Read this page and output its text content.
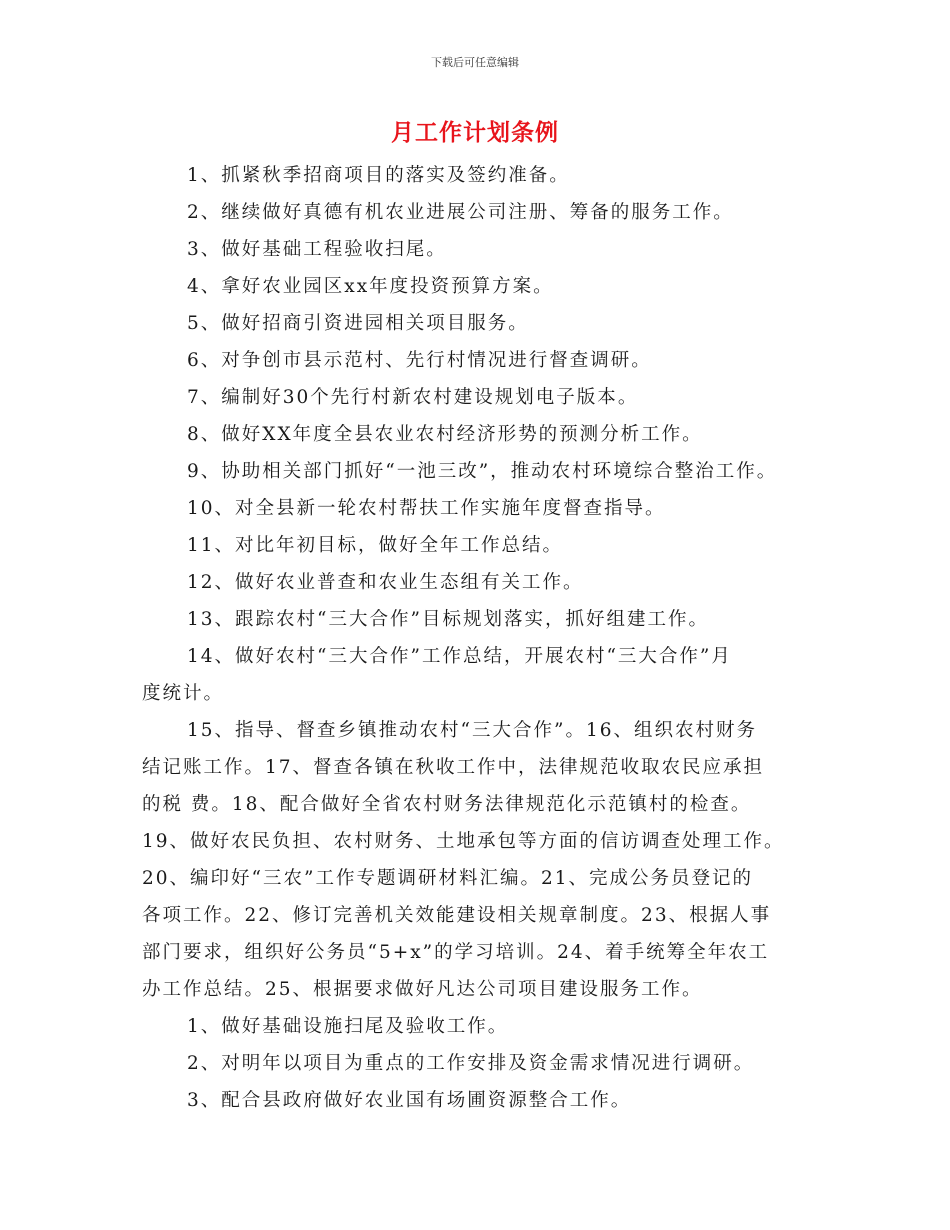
下载后可任意编辑
月工作计划条例

1、抓紧秋季招商项目的落实及签约准备。

2、继续做好真德有机农业进展公司注册、筹备的服务工作。

3、做好基础工程验收扫尾。

4、拿好农业园区xx年度投资预算方案。

5、做好招商引资进园相关项目服务。

6、对争创市县示范村、先行村情况进行督查调研。

7、编制好30个先行村新农村建设规划电子版本。

8、做好XX年度全县农业农村经济形势的预测分析工作。

9、协助相关部门抓好“一池三改”，推动农村环境综合整治工作。

10、对全县新一轮农村帮扶工作实施年度督查指导。

11、对比年初目标，做好全年工作总结。

12、做好农业普查和农业生态组有关工作。

13、跟踪农村“三大合作”目标规划落实，抓好组建工作。

14、做好农村“三大合作”工作总结，开展农村“三大合作”月

度统计。

15、指导、督查乡镇推动农村“三大合作”。16、组织农村财务

结记账工作。17、督查各镇在秋收工作中，法律规范收取农民应承担

的税 费。18、配合做好全省农村财务法律规范化示范镇村的检查。

19、做好农民负担、农村财务、土地承包等方面的信访调查处理工作。

20、编印好“三农”工作专题调研材料汇编。21、完成公务员登记的

各项工作。22、修订完善机关效能建设相关规章制度。23、根据人事

部门要求，组织好公务员“5+x”的学习培训。24、着手统筹全年农工

办工作总结。25、根据要求做好凡达公司项目建设服务工作。

1、做好基础设施扫尾及验收工作。

2、对明年以项目为重点的工作安排及资金需求情况进行调研。

3、配合县政府做好农业国有场圃资源整合工作。
